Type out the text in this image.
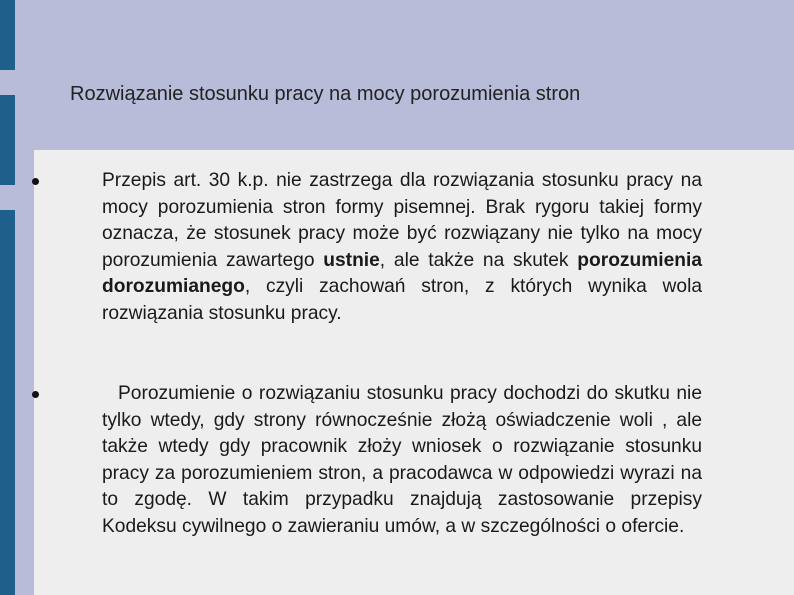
Rozwiązanie stosunku pracy na mocy porozumienia stron
Przepis art. 30 k.p. nie zastrzega dla rozwiązania stosunku pracy na mocy porozumienia stron formy pisemnej. Brak rygoru takiej formy oznacza, że stosunek pracy może być rozwiązany nie tylko na mocy porozumienia zawartego ustnie, ale także na skutek porozumienia dorozumianego, czyli zachowań stron, z których wynika wola rozwiązania stosunku pracy.
Porozumienie o rozwiązaniu stosunku pracy dochodzi do skutku nie tylko wtedy, gdy strony równocześnie złożą oświadczenie woli , ale także wtedy gdy pracownik złoży wniosek o rozwiązanie stosunku pracy za porozumieniem stron, a pracodawca w odpowiedzi wyrazi na to zgodę. W takim przypadku znajdują zastosowanie przepisy Kodeksu cywilnego o zawieraniu umów, a w szczególności o ofercie.
